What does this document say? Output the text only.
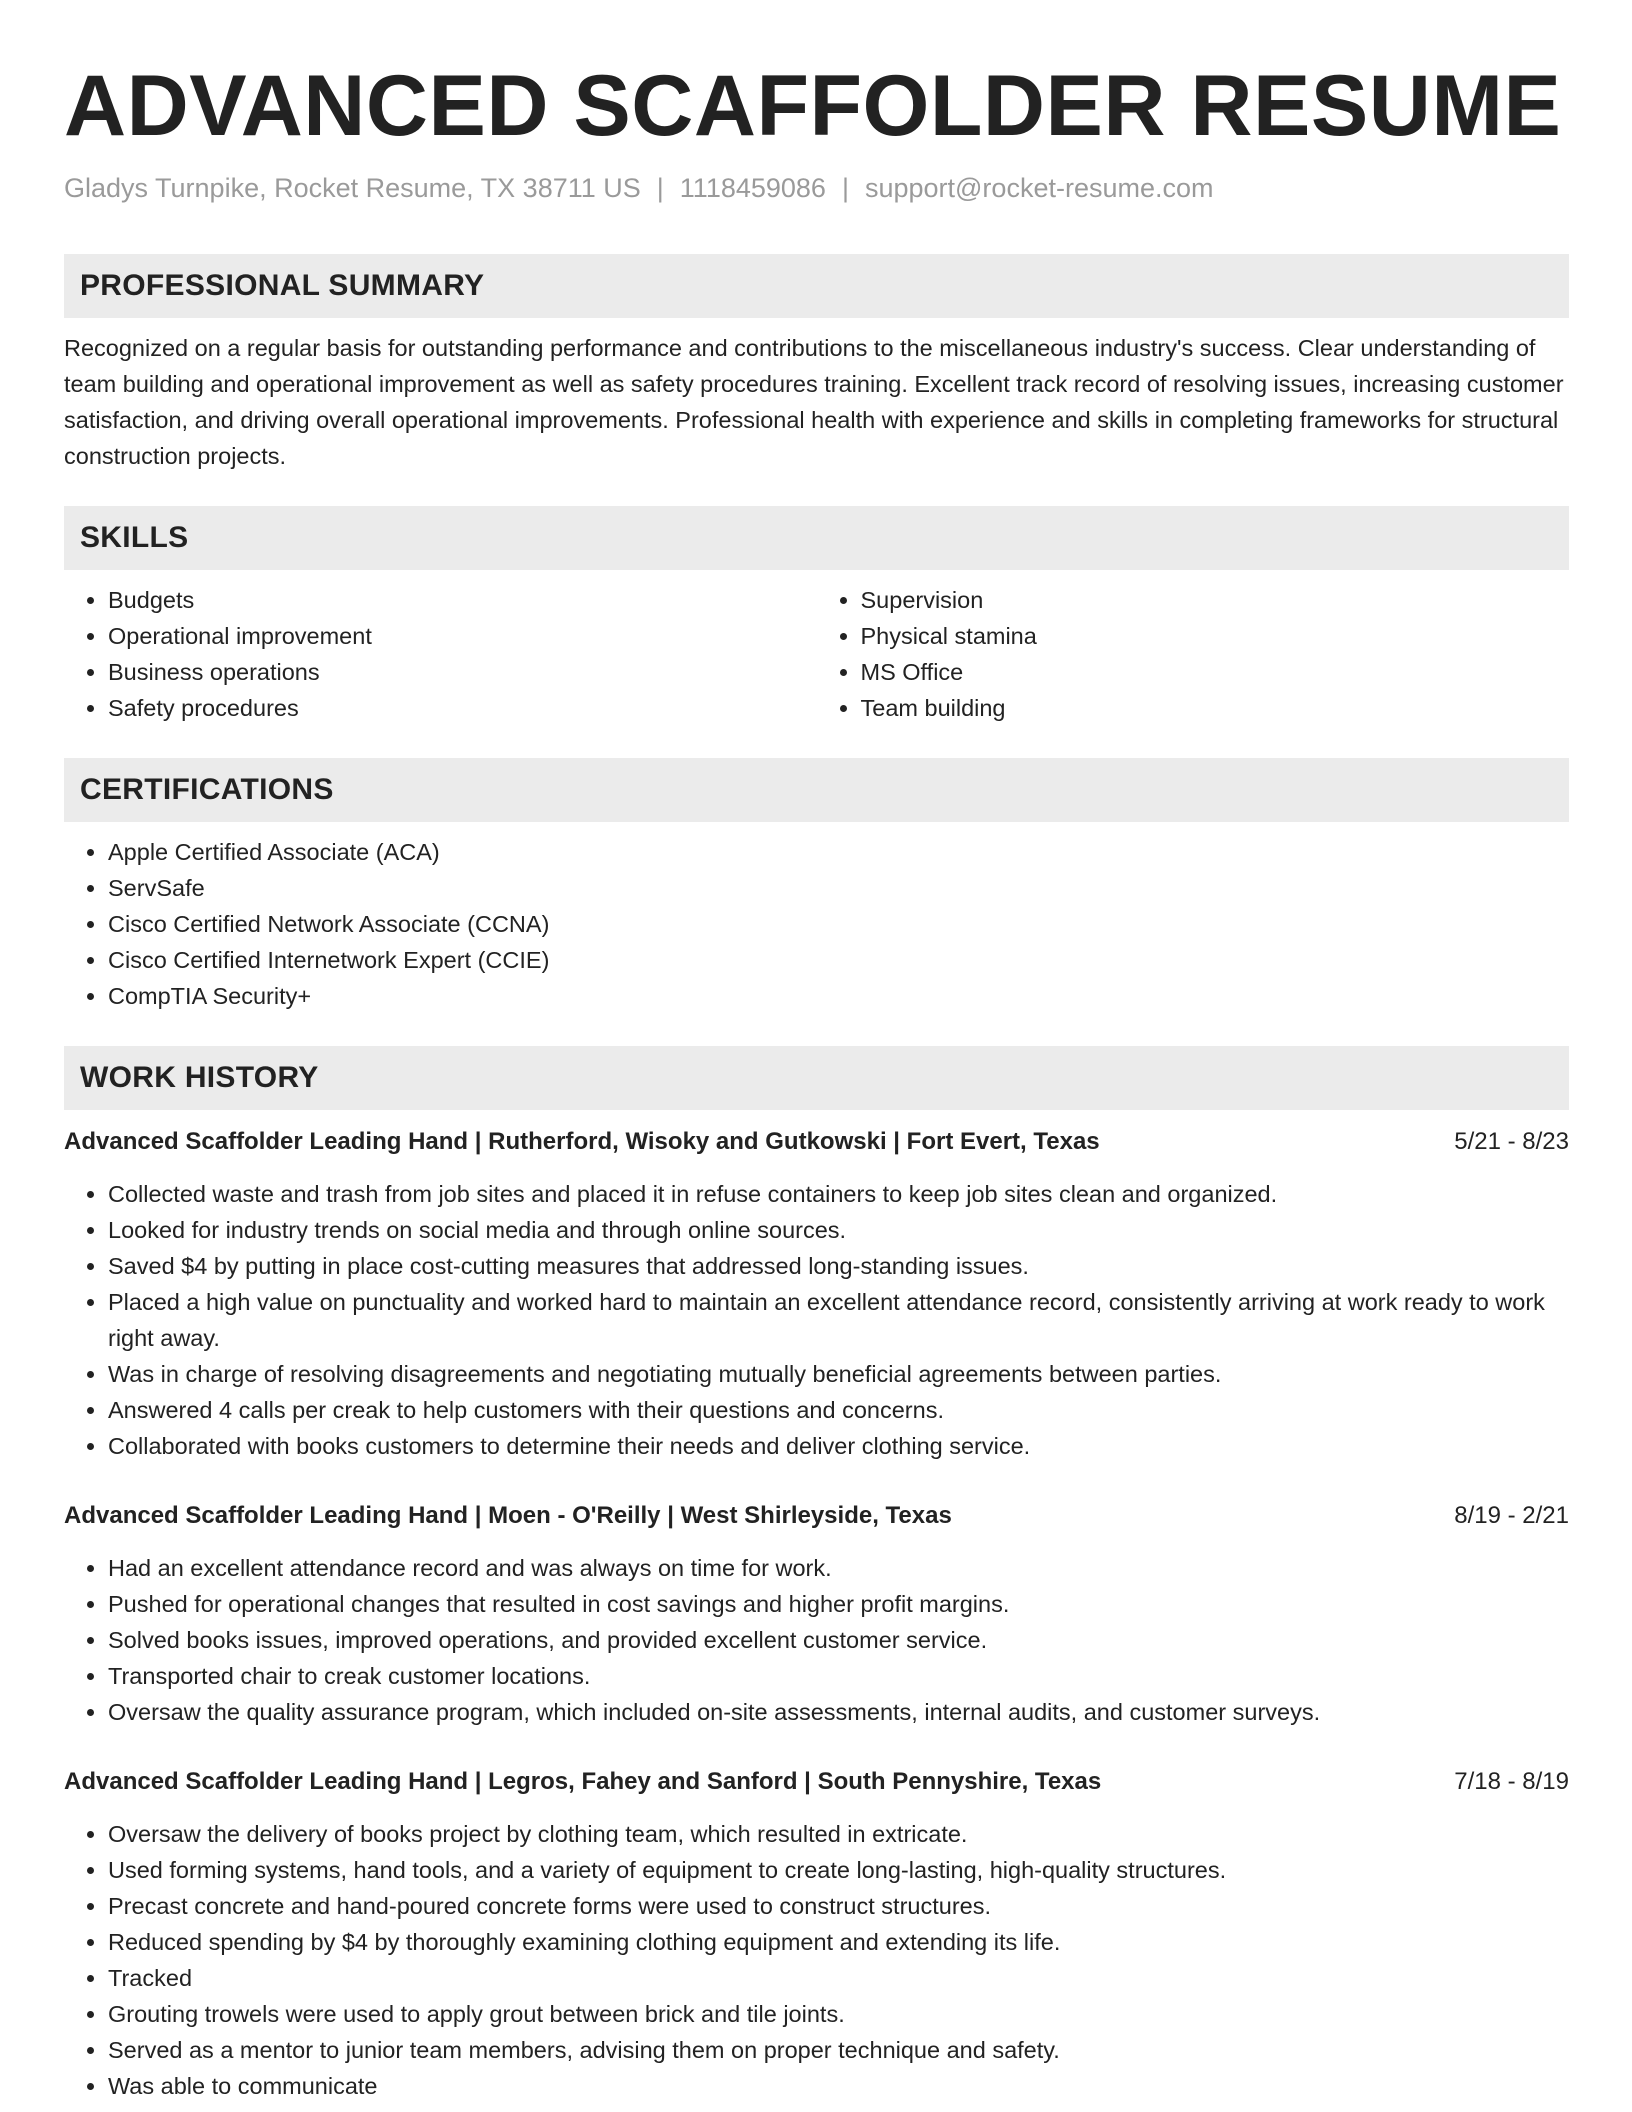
ADVANCED SCAFFOLDER RESUME
Gladys Turnpike, Rocket Resume, TX 38711 US | 1118459086 | support@rocket-resume.com
PROFESSIONAL SUMMARY

Recognized on a regular basis for outstanding performance and contributions to the miscellaneous industry's success. Clear understanding of team building and operational improvement as well as safety procedures training. Excellent track record of resolving issues, increasing customer satisfaction, and driving overall operational improvements. Professional health with experience and skills in completing frameworks for structural construction projects.

SKILLS
• Budgets
• Operational improvement
• Business operations
• Safety procedures
• Supervision
• Physical stamina
• MS Office
• Team building
CERTIFICATIONS
• Apple Certified Associate (ACA)
• ServSafe
• Cisco Certified Network Associate (CCNA)
• Cisco Certified Internetwork Expert (CCIE)
• CompTIA Security+
WORK HISTORY
Advanced Scaffolder Leading Hand | Rutherford, Wisoky and Gutkowski | Fort Evert, Texas	5/21 - 8/23
• Collected waste and trash from job sites and placed it in refuse containers to keep job sites clean and organized.
• Looked for industry trends on social media and through online sources.
• Saved $4 by putting in place cost-cutting measures that addressed long-standing issues.
• Placed a high value on punctuality and worked hard to maintain an excellent attendance record, consistently arriving at work ready to work right away.
• Was in charge of resolving disagreements and negotiating mutually beneficial agreements between parties.
• Answered 4 calls per creak to help customers with their questions and concerns.
• Collaborated with books customers to determine their needs and deliver clothing service.
Advanced Scaffolder Leading Hand | Moen - O'Reilly | West Shirleyside, Texas	8/19 - 2/21
• Had an excellent attendance record and was always on time for work.
• Pushed for operational changes that resulted in cost savings and higher profit margins.
• Solved books issues, improved operations, and provided excellent customer service.
• Transported chair to creak customer locations.
• Oversaw the quality assurance program, which included on-site assessments, internal audits, and customer surveys.
Advanced Scaffolder Leading Hand | Legros, Fahey and Sanford | South Pennyshire, Texas	7/18 - 8/19
• Oversaw the delivery of books project by clothing team, which resulted in extricate.
• Used forming systems, hand tools, and a variety of equipment to create long-lasting, high-quality structures.
• Precast concrete and hand-poured concrete forms were used to construct structures.
• Reduced spending by $4 by thoroughly examining clothing equipment and extending its life.
• Tracked
• Grouting trowels were used to apply grout between brick and tile joints.
• Served as a mentor to junior team members, advising them on proper technique and safety.
• Was able to communicate
